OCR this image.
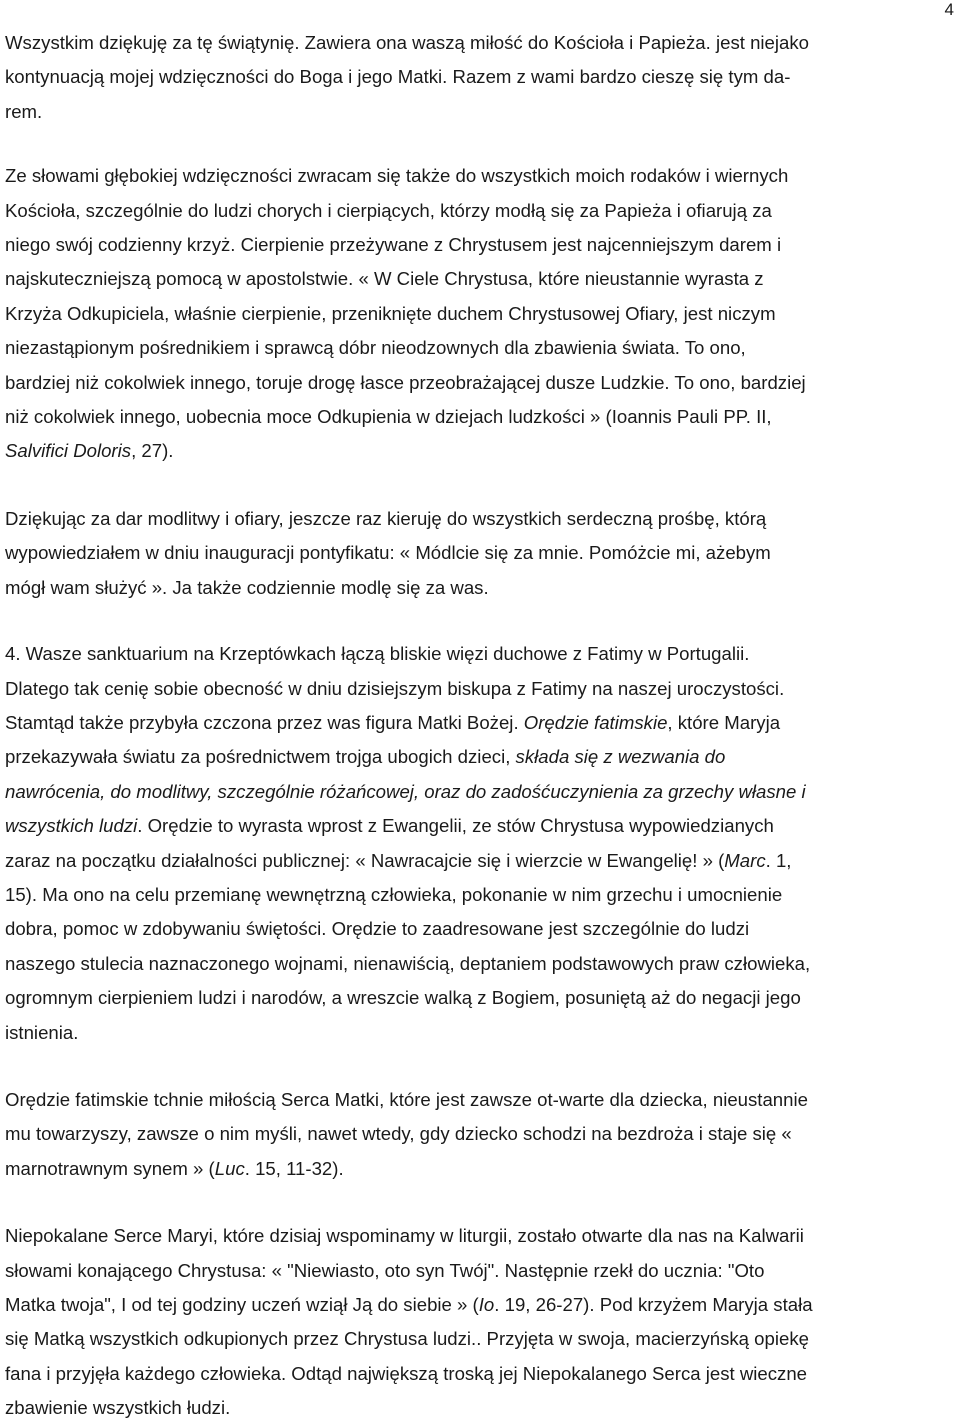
4

Wszystkim dziękuję za tę świątynię. Zawiera ona waszą miłość do Kościoła i Papieża. jest niejako
kontynuacją mojej wdzięczności do Boga i jego Matki. Razem z wami bardzo cieszę się tym da-
rem.

Ze słowami głębokiej wdzięczności zwracam się także do wszystkich moich rodaków i wiernych
Kościoła, szczególnie do ludzi chorych i cierpiących, którzy modłą się za Papieża i ofiarują za
niego swój codzienny krzyż. Cierpienie przeżywane z Chrystusem jest najcenniejszym darem i
najskuteczniejszą pomocą w apostolstwie. « W Ciele Chrystusa, które nieustannie wyrasta z
Krzyża Odkupiciela, właśnie cierpienie, przeniknięte duchem Chrystusowej Ofiary, jest niczym
niezastąpionym pośrednikiem i sprawcą dóbr nieodzownych dla zbawienia świata. To ono,
bardziej niż cokolwiek innego, toruje drogę łasce przeobrażającej dusze Ludzkie. To ono, bardziej
niż cokolwiek innego, uobecnia moce Odkupienia w dziejach ludzkości » (Ioannis Pauli PP. II,
Salvifici Doloris, 27).

Dziękując za dar modlitwy i ofiary, jeszcze raz kieruję do wszystkich serdeczną prośbę, którą
wypowiedziałem w dniu inauguracji pontyfikatu: « Módlcie się za mnie. Pomóżcie mi, ażebym
mógł wam służyć ». Ja także codziennie modlę się za was.

4. Wasze sanktuarium na Krzeptówkach łączą bliskie więzi duchowe z Fatimy w Portugalii.
Dlatego tak cenię sobie obecność w dniu dzisiejszym biskupa z Fatimy na naszej uroczystości.
Stamtąd także przybyła czczona przez was figura Matki Bożej. Orędzie fatimskie, które Maryja
przekazywała światu za pośrednictwem trojga ubogich dzieci, składa się z wezwania do
nawrócenia, do modlitwy, szczególnie różańcowej, oraz do zadośćuczynienia za grzechy własne i
wszystkich ludzi. Orędzie to wyrasta wprost z Ewangelii, ze stów Chrystusa wypowiedzianych
zaraz na początku działalności publicznej: « Nawracajcie się i wierzcie w Ewangelię! » (Marc. 1,
15). Ma ono na celu przemianę wewnętrzną człowieka, pokonanie w nim grzechu i umocnienie
dobra, pomoc w zdobywaniu świętości. Orędzie to zaadresowane jest szczególnie do ludzi
naszego stulecia naznaczonego wojnami, nienawiścią, deptaniem podstawowych praw człowieka,
ogromnym cierpieniem ludzi i narodów, a wreszcie walką z Bogiem, posuniętą aż do negacji jego
istnienia.

Orędzie fatimskie tchnie miłością Serca Matki, które jest zawsze ot-warte dla dziecka, nieustannie
mu towarzyszy, zawsze o nim myśli, nawet wtedy, gdy dziecko schodzi na bezdroża i staje się «
marnotrawnym synem » (Luc. 15, 11-32).

Niepokalane Serce Maryi, które dzisiaj wspominamy w liturgii, zostało otwarte dla nas na Kalwarii
słowami konającego Chrystusa: « "Niewiasto, oto syn Twój". Następnie rzekł do ucznia: "Oto
Matka twoja", I od tej godziny uczeń wziął Ją do siebie » (Io. 19, 26-27). Pod krzyżem Maryja stała
się Matką wszystkich odkupionych przez Chrystusa ludzi.. Przyjęta w swoja, macierzyńską opiekę
fana i przyjęła każdego człowieka. Odtąd największą troską jej Niepokalanego Serca jest wieczne
zbawienie wszystkich łudzi.
